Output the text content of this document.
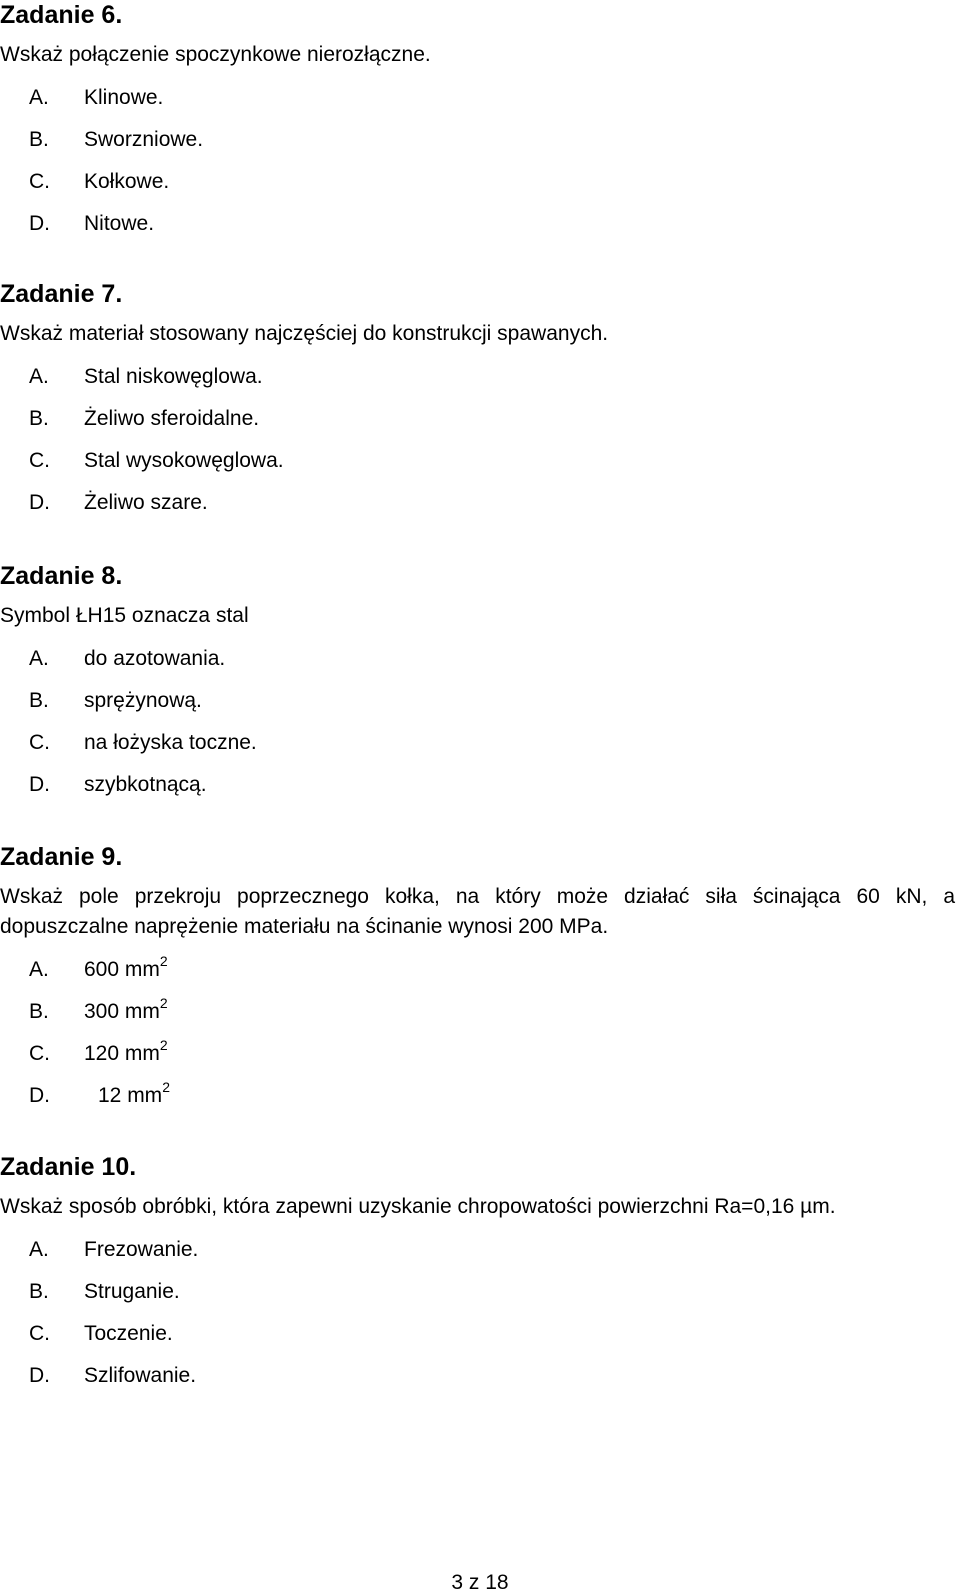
Zadanie 6.

Wskaż połączenie spoczynkowe nierozłączne.

A. Klinowe.
B. Sworzniowe.
C. Kołkowe.
D. Nitowe.
Zadanie 7.

Wskaż materiał stosowany najczęściej do konstrukcji spawanych.

A. Stal niskowęglowa.
B. Żeliwo sferoidalne.
C. Stal wysokowęglowa.
D. Żeliwo szare.
Zadanie 8.

Symbol ŁH15 oznacza stal

A. do azotowania.
B. sprężynową.
C. na łożyska toczne.
D. szybkotnącą.
Zadanie 9.

Wskaż pole przekroju poprzecznego kołka, na który może działać siła ścinająca 60 kN, a dopuszczalne naprężenie materiału na ścinanie wynosi 200 MPa.

A. 600 $mm^2$
B. 300 $mm^2$
C. 120 $mm^2$
D. 12 $mm^2$
Zadanie 10.

Wskaż sposób obróbki, która zapewni uzyskanie chropowatości powierzchni Ra=0,16 µm.

A. Frezowanie.
B. Struganie.
C. Toczenie.
D. Szlifowanie.
3 z 18
